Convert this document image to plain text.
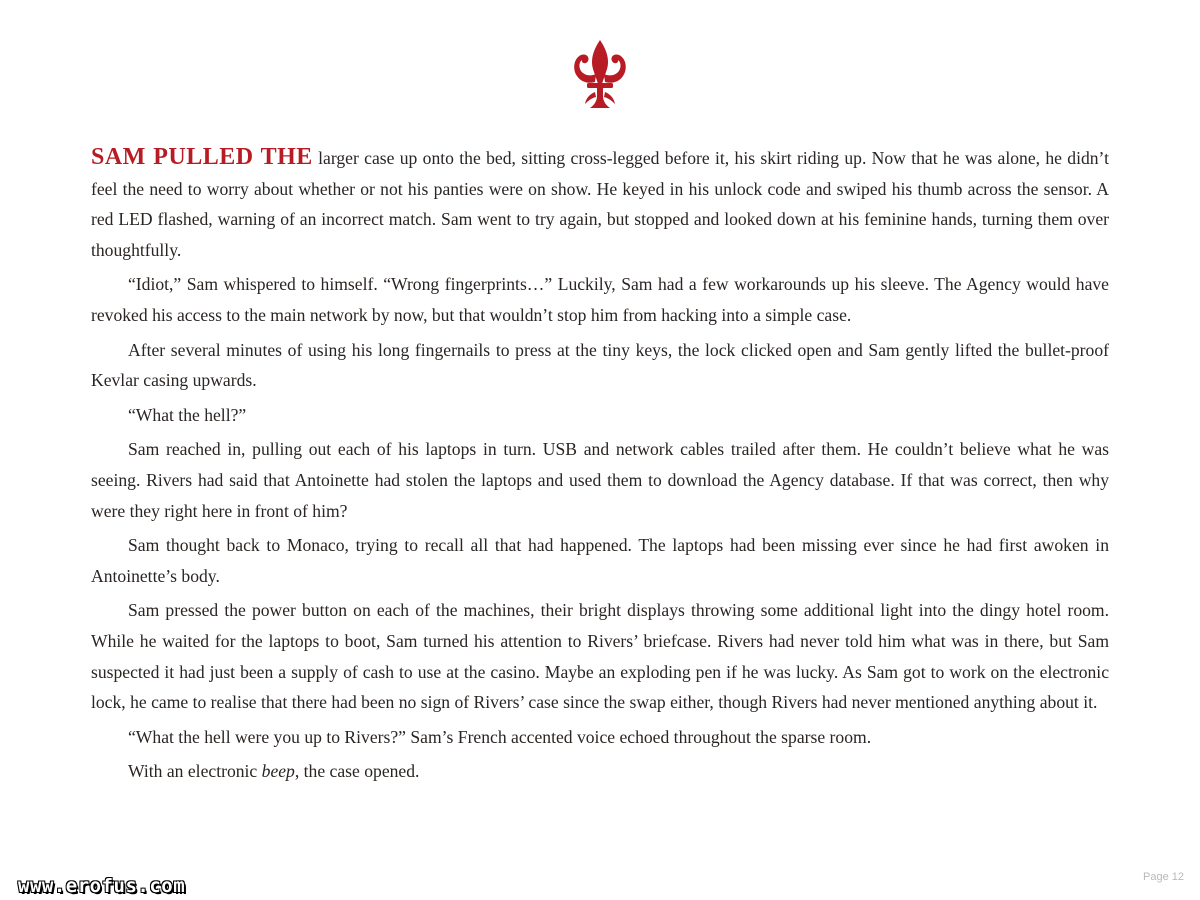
SAM PULLED THE larger case up onto the bed, sitting cross-legged before it, his skirt riding up. Now that he was alone, he didn’t feel the need to worry about whether or not his panties were on show. He keyed in his unlock code and swiped his thumb across the sensor. A red LED flashed, warning of an incorrect match. Sam went to try again, but stopped and looked down at his feminine hands, turning them over thoughtfully.

“Idiot,” Sam whispered to himself. “Wrong fingerprints…” Luckily, Sam had a few workarounds up his sleeve. The Agency would have revoked his access to the main network by now, but that wouldn’t stop him from hacking into a simple case.

After several minutes of using his long fingernails to press at the tiny keys, the lock clicked open and Sam gently lifted the bullet-proof Kevlar casing upwards.

“What the hell?”

Sam reached in, pulling out each of his laptops in turn. USB and network cables trailed after them. He couldn’t believe what he was seeing. Rivers had said that Antoinette had stolen the laptops and used them to download the Agency database. If that was correct, then why were they right here in front of him?

Sam thought back to Monaco, trying to recall all that had happened. The laptops had been missing ever since he had first awoken in Antoinette’s body.

Sam pressed the power button on each of the machines, their bright displays throwing some additional light into the dingy hotel room. While he waited for the laptops to boot, Sam turned his attention to Rivers’ briefcase. Rivers had never told him what was in there, but Sam suspected it had just been a supply of cash to use at the casino. Maybe an exploding pen if he was lucky. As Sam got to work on the electronic lock, he came to realise that there had been no sign of Rivers’ case since the swap either, though Rivers had never mentioned anything about it.

“What the hell were you up to Rivers?” Sam’s French accented voice echoed throughout the sparse room.

With an electronic beep, the case opened.

Page 12
www.erofus.com
